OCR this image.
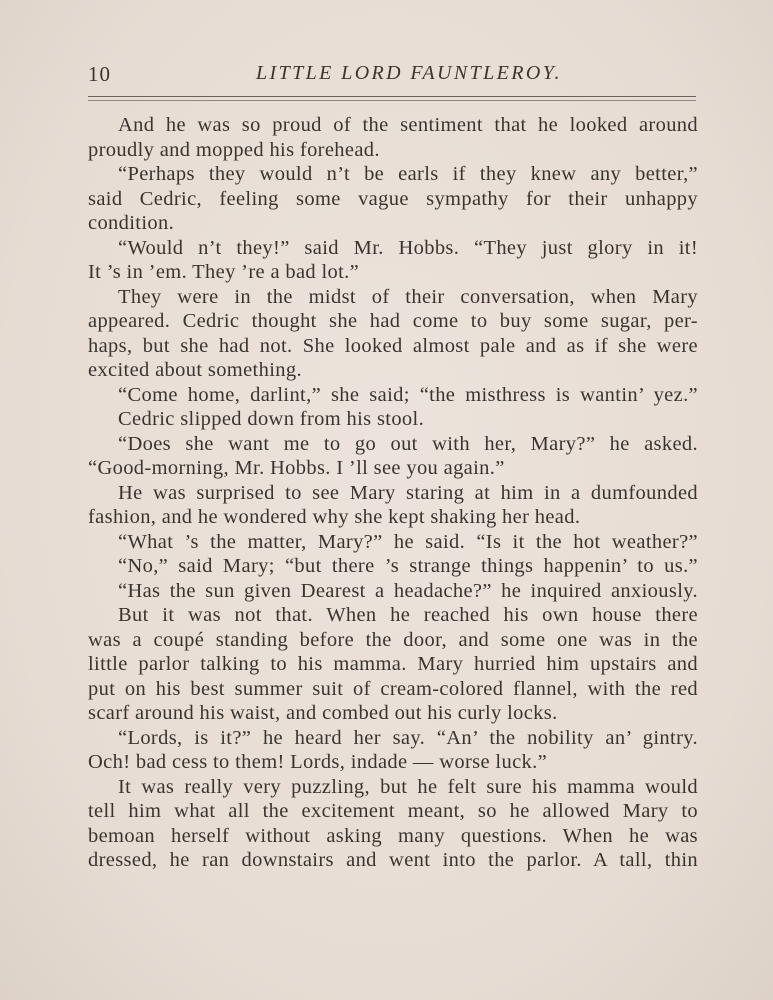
10	LITTLE LORD FAUNTLEROY.
And he was so proud of the sentiment that he looked around
proudly and mopped his forehead.
“Perhaps they would n’t be earls if they knew any better,”
said Cedric, feeling some vague sympathy for their unhappy
condition.
“Would n’t they!” said Mr. Hobbs. “They just glory in it!
It ’s in ’em. They ’re a bad lot.”
They were in the midst of their conversation, when Mary
appeared. Cedric thought she had come to buy some sugar, per-
haps, but she had not. She looked almost pale and as if she were
excited about something.
“Come home, darlint,” she said; “the misthress is wantin’ yez.”
Cedric slipped down from his stool.
“Does she want me to go out with her, Mary?” he asked.
“Good-morning, Mr. Hobbs. I ’ll see you again.”
He was surprised to see Mary staring at him in a dumfounded
fashion, and he wondered why she kept shaking her head.
“What ’s the matter, Mary?” he said. “Is it the hot weather?”
“No,” said Mary; “but there ’s strange things happenin’ to us.”
“Has the sun given Dearest a headache?” he inquired anxiously.
But it was not that. When he reached his own house there
was a coupé standing before the door, and some one was in the
little parlor talking to his mamma. Mary hurried him upstairs and
put on his best summer suit of cream-colored flannel, with the red
scarf around his waist, and combed out his curly locks.
“Lords, is it?” he heard her say. “An’ the nobility an’ gintry.
Och! bad cess to them! Lords, indade — worse luck.”
It was really very puzzling, but he felt sure his mamma would
tell him what all the excitement meant, so he allowed Mary to
bemoan herself without asking many questions. When he was
dressed, he ran downstairs and went into the parlor. A tall, thin
